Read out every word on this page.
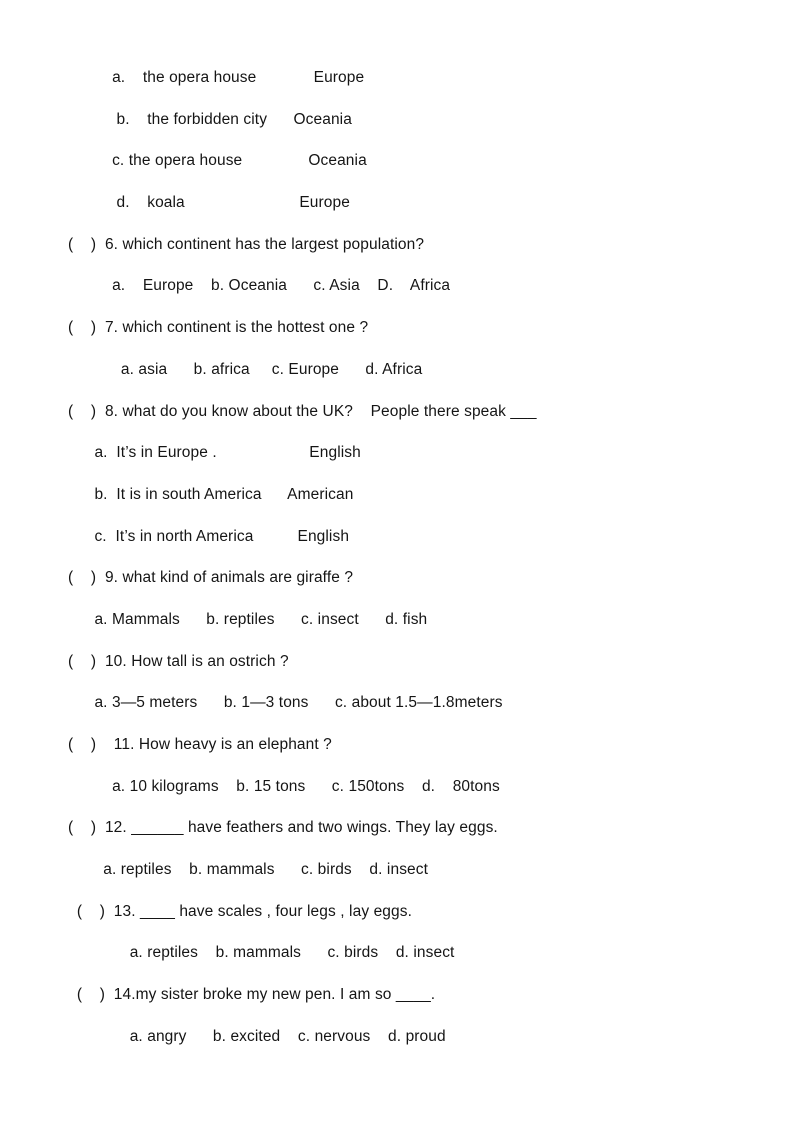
a.    the opera house             Europe
b.    the forbidden city      Oceania
c. the opera house               Oceania
d.    koala                          Europe
(    )  6. which continent has the largest population?
a.    Europe    b. Oceania      c. Asia    D.    Africa
(    )  7. which continent is the hottest one ?
a. asia      b. africa     c. Europe      d. Africa
(    )  8. what do you know about the UK?    People there speak ___
a.  It’s in Europe .                     English
b.  It is in south America      American
c.  It’s in north America          English
(    )  9. what kind of animals are giraffe ?
a. Mammals      b. reptiles      c. insect      d. fish
(    )  10. How tall is an ostrich ?
a. 3—5 meters      b. 1—3 tons      c. about 1.5—1.8meters
(    )    11. How heavy is an elephant ?
a. 10 kilograms    b. 15 tons      c. 150tons    d.    80tons
(    )  12. ______ have feathers and two wings. They lay eggs.
a. reptiles    b. mammals      c. birds    d. insect
(    )  13. ____ have scales , four legs , lay eggs.
a. reptiles    b. mammals      c. birds    d. insect
(    )  14.my sister broke my new pen. I am so ____.
a. angry      b. excited    c. nervous    d. proud
